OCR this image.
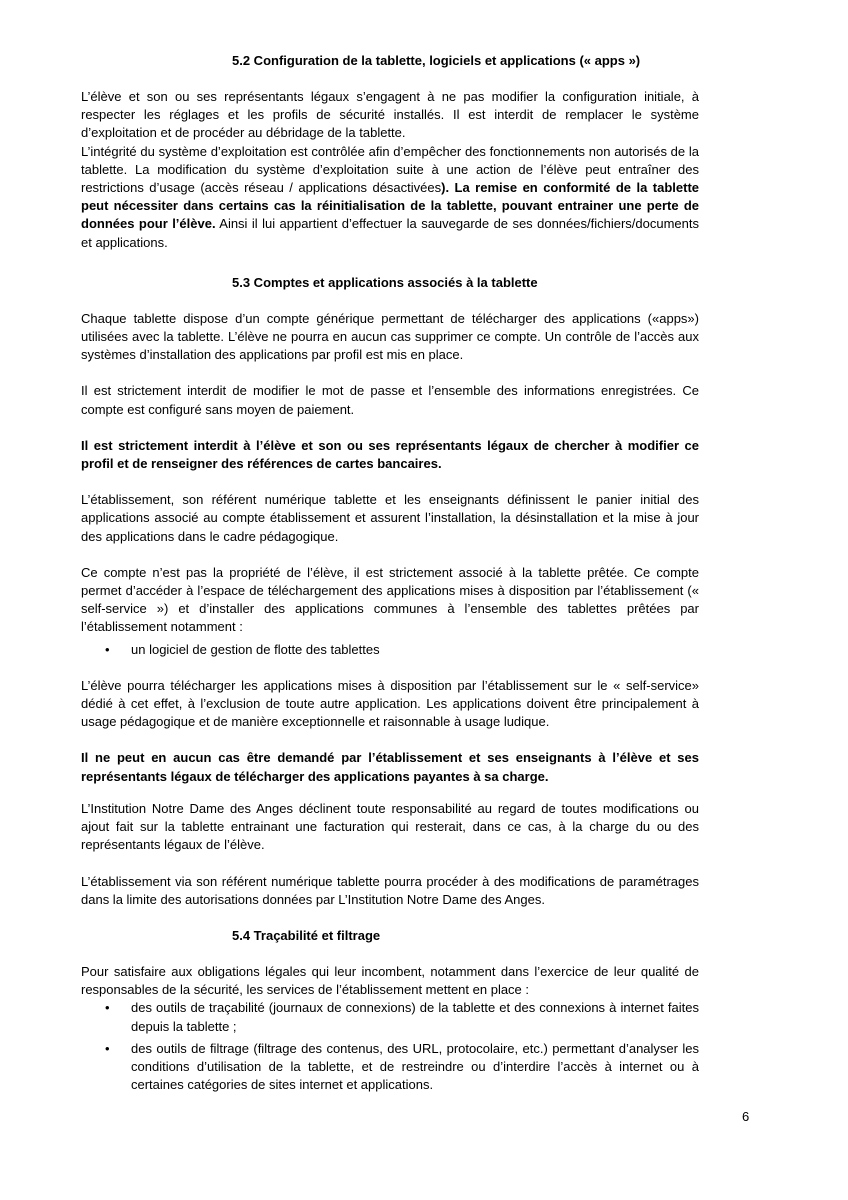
5.2 Configuration de la tablette, logiciels et applications (« apps »)

L’élève et son ou ses représentants légaux s’engagent à ne pas modifier la configuration initiale, à respecter les réglages et les profils de sécurité installés. Il est interdit de remplacer le système d’exploitation et de procéder au débridage de la tablette.

L’intégrité du système d’exploitation est contrôlée afin d’empêcher des fonctionnements non autorisés de la tablette. La modification du système d’exploitation suite à une action de l’élève peut entraîner des restrictions d’usage (accès réseau / applications désactivées). La remise en conformité de la tablette peut nécessiter dans certains cas la réinitialisation de la tablette, pouvant entrainer une perte de données pour l’élève. Ainsi il lui appartient d’effectuer la sauvegarde de ses données/fichiers/documents et applications.

5.3 Comptes et applications associés à la tablette

Chaque tablette dispose d’un compte générique permettant de télécharger des applications («apps») utilisées avec la tablette. L’élève ne pourra en aucun cas supprimer ce compte. Un contrôle de l’accès aux systèmes d’installation des applications par profil est mis en place.

Il est strictement interdit de modifier le mot de passe et l’ensemble des informations enregistrées. Ce compte est configuré sans moyen de paiement.

Il est strictement interdit à l’élève et son ou ses représentants légaux de chercher à modifier ce profil et de renseigner des références de cartes bancaires.

L’établissement, son référent numérique tablette et les enseignants définissent le panier initial des applications associé au compte établissement et assurent l’installation, la désinstallation et la mise à jour des applications dans le cadre pédagogique.

Ce compte n’est pas la propriété de l’élève, il est strictement associé à la tablette prêtée. Ce compte permet d’accéder à l’espace de téléchargement des applications mises à disposition par l’établissement (« self-service ») et d’installer des applications communes à l’ensemble des tablettes prêtées par l’établissement notamment :

• un logiciel de gestion de flotte des tablettes

L’élève pourra télécharger les applications mises à disposition par l’établissement sur le « self-service» dédié à cet effet, à l’exclusion de toute autre application. Les applications doivent être principalement à usage pédagogique et de manière exceptionnelle et raisonnable à usage ludique.

Il ne peut en aucun cas être demandé par l’établissement et ses enseignants à l’élève et ses représentants légaux de télécharger des applications payantes à sa charge.

L’Institution Notre Dame des Anges déclinent toute responsabilité au regard de toutes modifications ou ajout fait sur la tablette entrainant une facturation qui resterait, dans ce cas, à la charge du ou des représentants légaux de l’élève.

L’établissement via son référent numérique tablette pourra procéder à des modifications de paramétrages dans la limite des autorisations données par L’Institution Notre Dame des Anges.

5.4 Traçabilité et filtrage

Pour satisfaire aux obligations légales qui leur incombent, notamment dans l’exercice de leur qualité de responsables de la sécurité, les services de l’établissement mettent en place :

• des outils de traçabilité (journaux de connexions) de la tablette et des connexions à internet faites depuis la tablette ;
• des outils de filtrage (filtrage des contenus, des URL, protocolaire, etc.) permettant d’analyser les conditions d’utilisation de la tablette, et de restreindre ou d’interdire l’accès à internet ou à certaines catégories de sites internet et applications.
6
